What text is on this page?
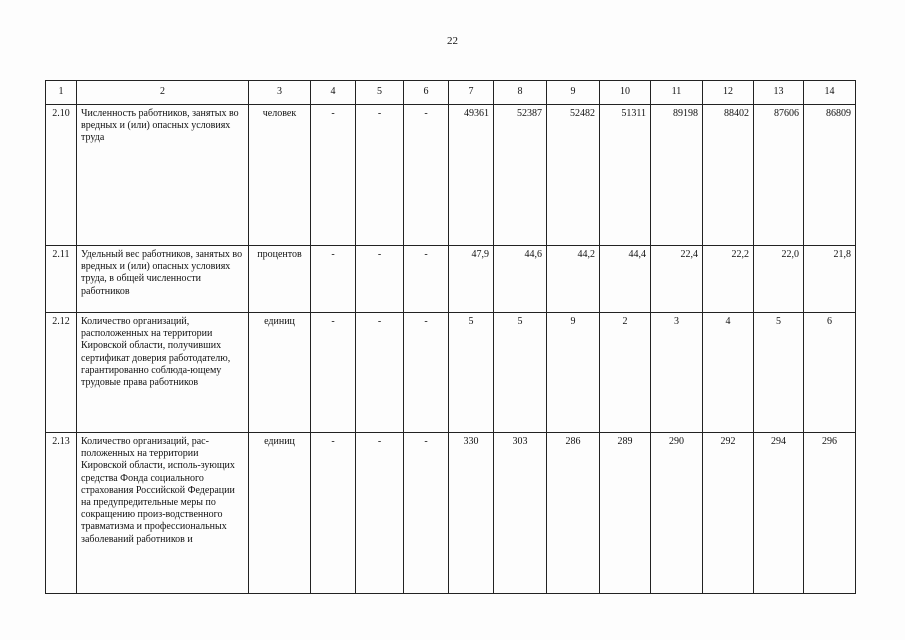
22
1	2	3	4	5	6	7	8	9	10	11	12	13	14
2.10	Численность работников, занятых во вредных и (или) опасных условиях труда	человек	-	-	-	49361	52387	52482	51311	89198	88402	87606	86809
2.11	Удельный вес работников, занятых во вредных и (или) опасных условиях труда, в общей численности работников	процентов	-	-	-	47,9	44,6	44,2	44,4	22,4	22,2	22,0	21,8
2.12	Количество организаций, расположенных на территории Кировской области, получивших сертификат доверия работодателю, гарантированно соблюда-ющему трудовые права работников	единиц	-	-	-	5	5	9	2	3	4	5	6
2.13	Количество организаций, рас-положенных на территории Кировской области, исполь-зующих средства Фонда социального страхования Российской Федерации на предупредительные меры по сокращению произ-водственного травматизма и профессиональных заболеваний работников и	единиц	-	-	-	330	303	286	289	290	292	294	296
